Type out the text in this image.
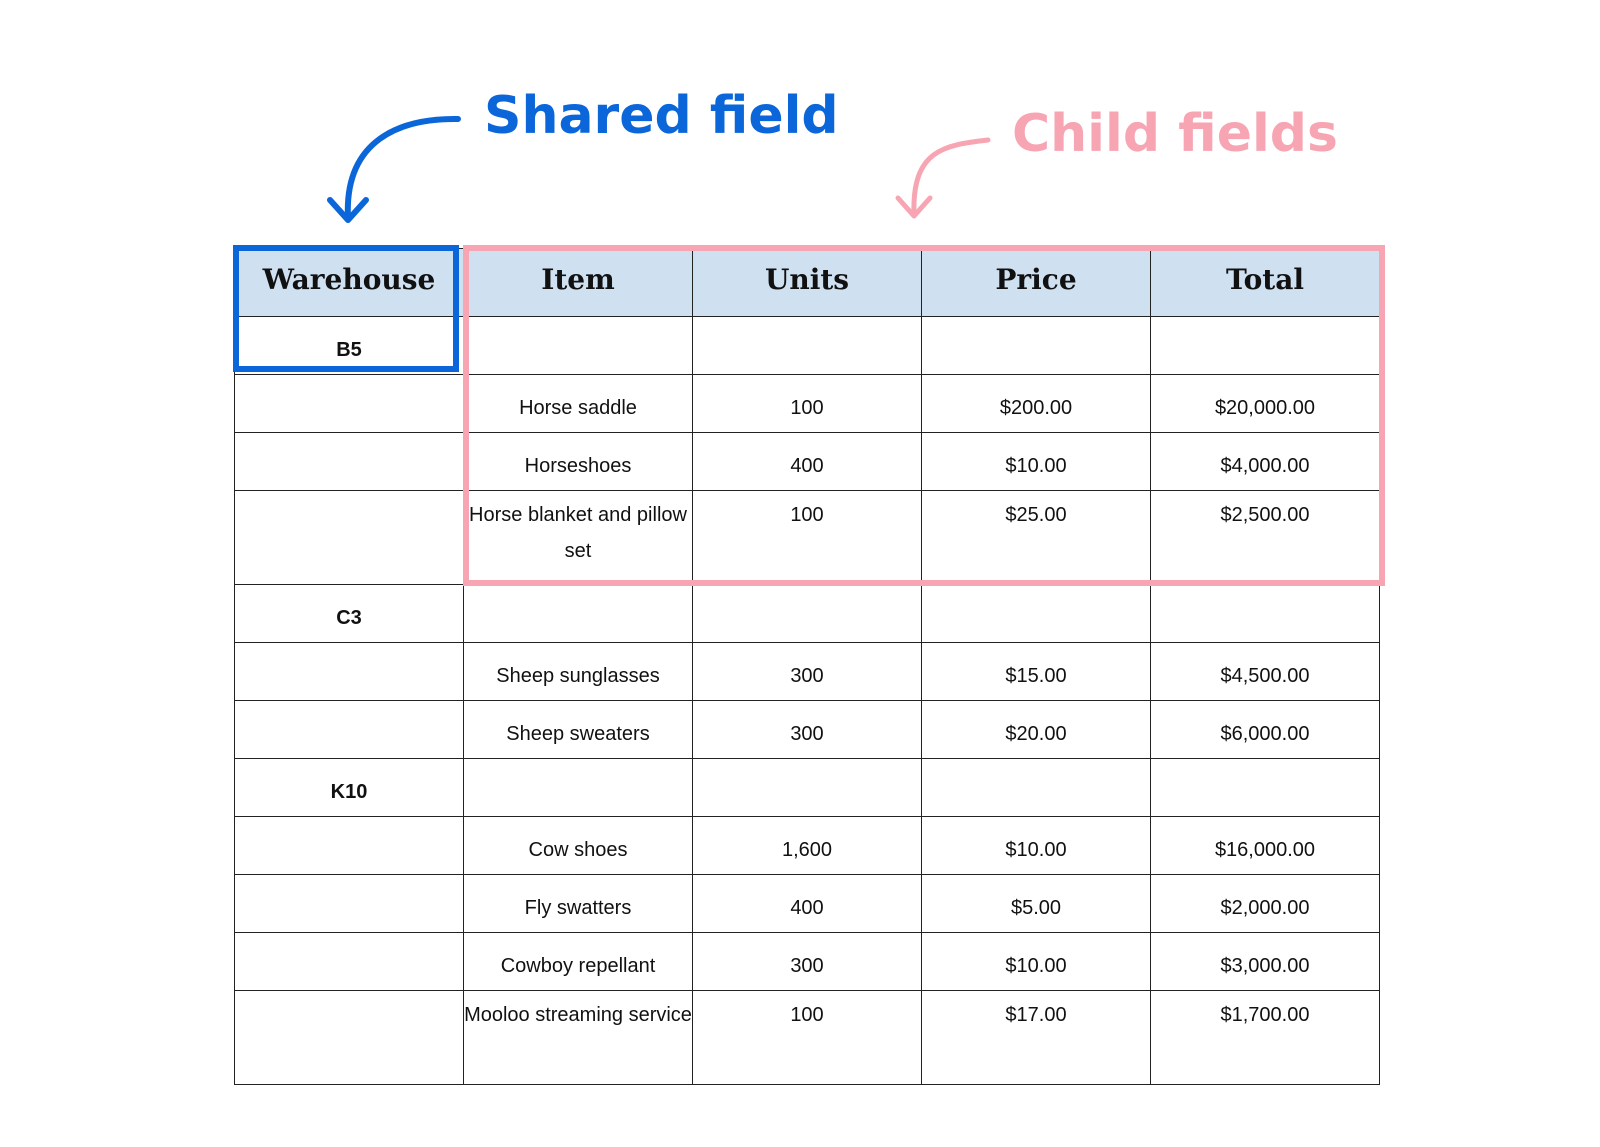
Shared field	Child fields
Warehouse	Item	Units	Price	Total
B5				
	Horse saddle	100	$200.00	$20,000.00
	Horseshoes	400	$10.00	$4,000.00
	Horse blanket and pillow set	100	$25.00	$2,500.00
C3				
	Sheep sunglasses	300	$15.00	$4,500.00
	Sheep sweaters	300	$20.00	$6,000.00
K10				
	Cow shoes	1,600	$10.00	$16,000.00
	Fly swatters	400	$5.00	$2,000.00
	Cowboy repellant	300	$10.00	$3,000.00
	Mooloo streaming service	100	$17.00	$1,700.00
